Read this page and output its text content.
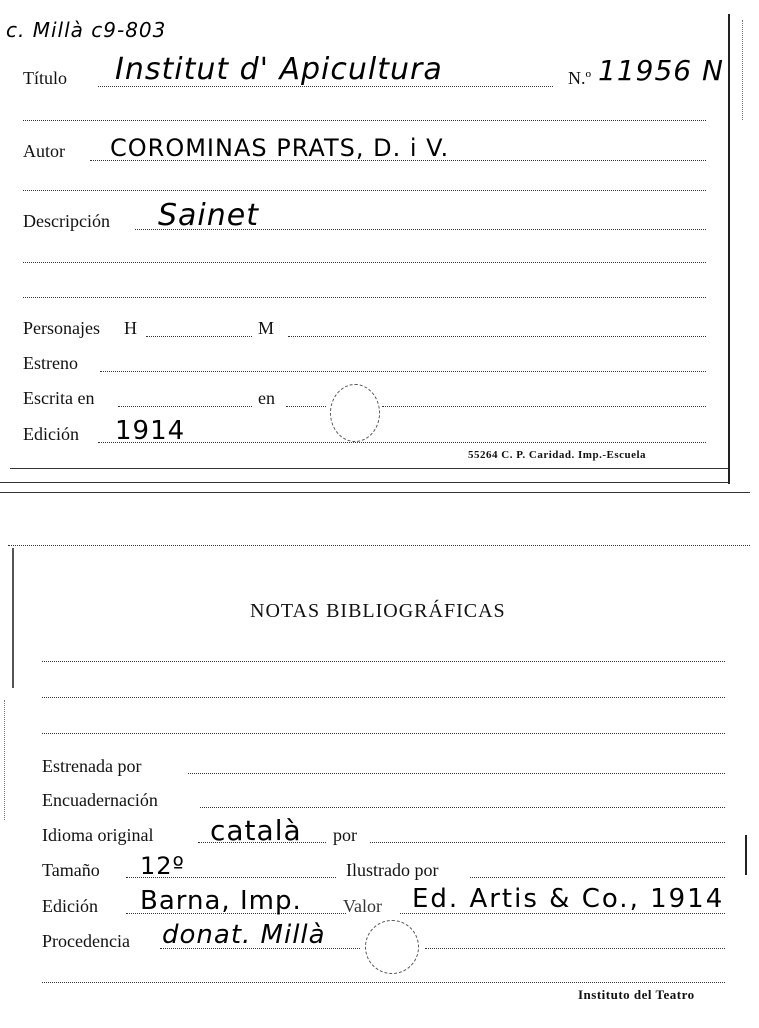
c. Millà c9-803
Título Institut d' Apicultura	N.º 11956 N
Autor COROMINAS PRATS, D. i V.
Descripción Sainet
Personajes H	M
Estreno
Escrita en	en
Edición 1914
55264 C. P. Caridad. Imp.-Escuela
NOTAS BIBLIOGRÁFICAS
Estrenada por
Encuadernación
Idioma original català por
Tamaño 12º	Ilustrado por
Edición Barna, Imp. Valor Ed. Artis & Co., 1914
Procedencia donat. Millà
Instituto del Teatro
